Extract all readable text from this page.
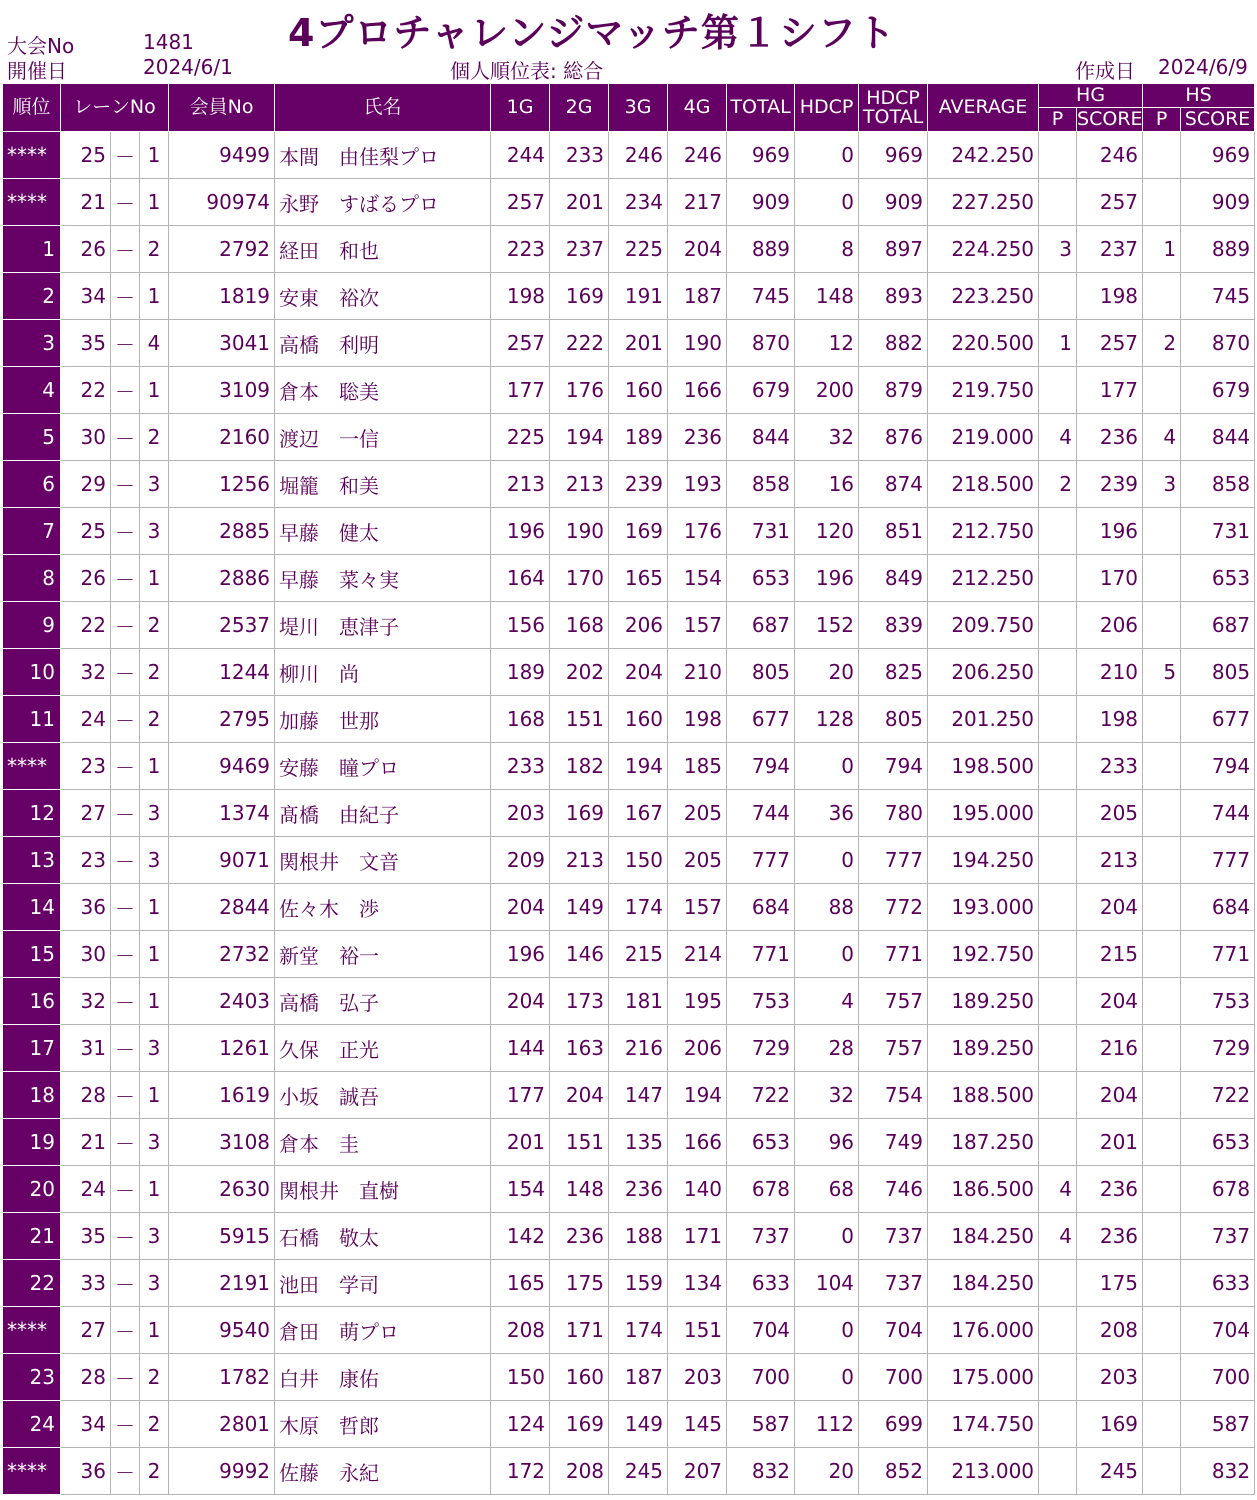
4プロチャレンジマッチ第１シフト
大会No	1481
開催日	2024/6/1	個人順位表: 総合	作成日 2024/6/9
順位	レーンNo			会員No	氏名	1G	2G	3G	4G	TOTAL	HDCP	HDCP
TOTAL	AVERAGE	HG		HS	
														P	SCORE	P	SCORE
****	25	－	1	9499	本間　由佳梨プロ	244	233	246	246	969	0	969	242.250		246		969
****	21	－	1	90974	永野　すばるプロ	257	201	234	217	909	0	909	227.250		257		909
1	26	－	2	2792	経田　和也	223	237	225	204	889	8	897	224.250	3	237	1	889
2	34	－	1	1819	安東　裕次	198	169	191	187	745	148	893	223.250		198		745
3	35	－	4	3041	高橋　利明	257	222	201	190	870	12	882	220.500	1	257	2	870
4	22	－	1	3109	倉本　聡美	177	176	160	166	679	200	879	219.750		177		679
5	30	－	2	2160	渡辺　一信	225	194	189	236	844	32	876	219.000	4	236	4	844
6	29	－	3	1256	堀籠　和美	213	213	239	193	858	16	874	218.500	2	239	3	858
7	25	－	3	2885	早藤　健太	196	190	169	176	731	120	851	212.750		196		731
8	26	－	1	2886	早藤　菜々実	164	170	165	154	653	196	849	212.250		170		653
9	22	－	2	2537	堤川　恵津子	156	168	206	157	687	152	839	209.750		206		687
10	32	－	2	1244	柳川　尚	189	202	204	210	805	20	825	206.250		210	5	805
11	24	－	2	2795	加藤　世那	168	151	160	198	677	128	805	201.250		198		677
****	23	－	1	9469	安藤　瞳プロ	233	182	194	185	794	0	794	198.500		233		794
12	27	－	3	1374	髙橋　由紀子	203	169	167	205	744	36	780	195.000		205		744
13	23	－	3	9071	関根井　文音	209	213	150	205	777	0	777	194.250		213		777
14	36	－	1	2844	佐々木　渉	204	149	174	157	684	88	772	193.000		204		684
15	30	－	1	2732	新堂　裕一	196	146	215	214	771	0	771	192.750		215		771
16	32	－	1	2403	高橋　弘子	204	173	181	195	753	4	757	189.250		204		753
17	31	－	3	1261	久保　正光	144	163	216	206	729	28	757	189.250		216		729
18	28	－	1	1619	小坂　誠吾	177	204	147	194	722	32	754	188.500		204		722
19	21	－	3	3108	倉本　圭	201	151	135	166	653	96	749	187.250		201		653
20	24	－	1	2630	関根井　直樹	154	148	236	140	678	68	746	186.500	4	236		678
21	35	－	3	5915	石橋　敬太	142	236	188	171	737	0	737	184.250	4	236		737
22	33	－	3	2191	池田　学司	165	175	159	134	633	104	737	184.250		175		633
****	27	－	1	9540	倉田　萌プロ	208	171	174	151	704	0	704	176.000		208		704
23	28	－	2	1782	白井　康佑	150	160	187	203	700	0	700	175.000		203		700
24	34	－	2	2801	木原　哲郎	124	169	149	145	587	112	699	174.750		169		587
****	36	－	2	9992	佐藤　永紀	172	208	245	207	832	20	852	213.000		245		832
